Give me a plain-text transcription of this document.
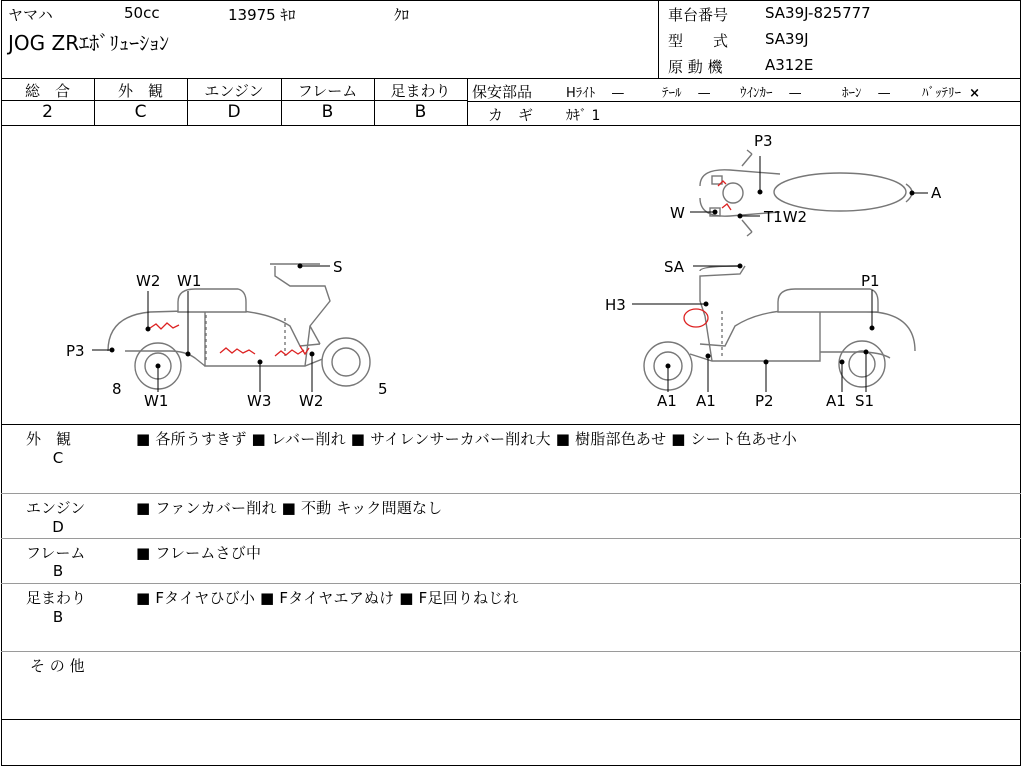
ヤマハ	50cc	13975 ｷﾛ	ｸﾛ
JOG ZRｴﾎﾞﾘｭｰｼｮﾝ
車台番号 SA39J-825777
型　　式 SA39J
原 動 機	A312E
総　合
2
外　観
C
エンジン
D
フレーム
B
足まわり
B
保安部品	Hﾗｲﾄ —	ﾃｰﾙ — ｳｲﾝｶｰ —	ﾎｰﾝ — ﾊﾞｯﾃﾘｰ ×
カ　ギ ｶｷﾞ 1
P3
A
W	T1W2
S
W2 W1
P3
8
W1	W3 W2
5
SA
P1
H3
A1 A1	P2	A1 S1
外　観
C
■ 各所うすきず ■ レバー削れ ■ サイレンサーカバー削れ大 ■ 樹脂部色あせ ■ シート色あせ小
エンジン
D
■ ファンカバー削れ ■ 不動 キック問題なし
フレーム
B
■ フレームさび中
足まわり
B
■ Fタイヤひび小 ■ Fタイヤエアぬけ ■ F足回りねじれ
そ の 他
